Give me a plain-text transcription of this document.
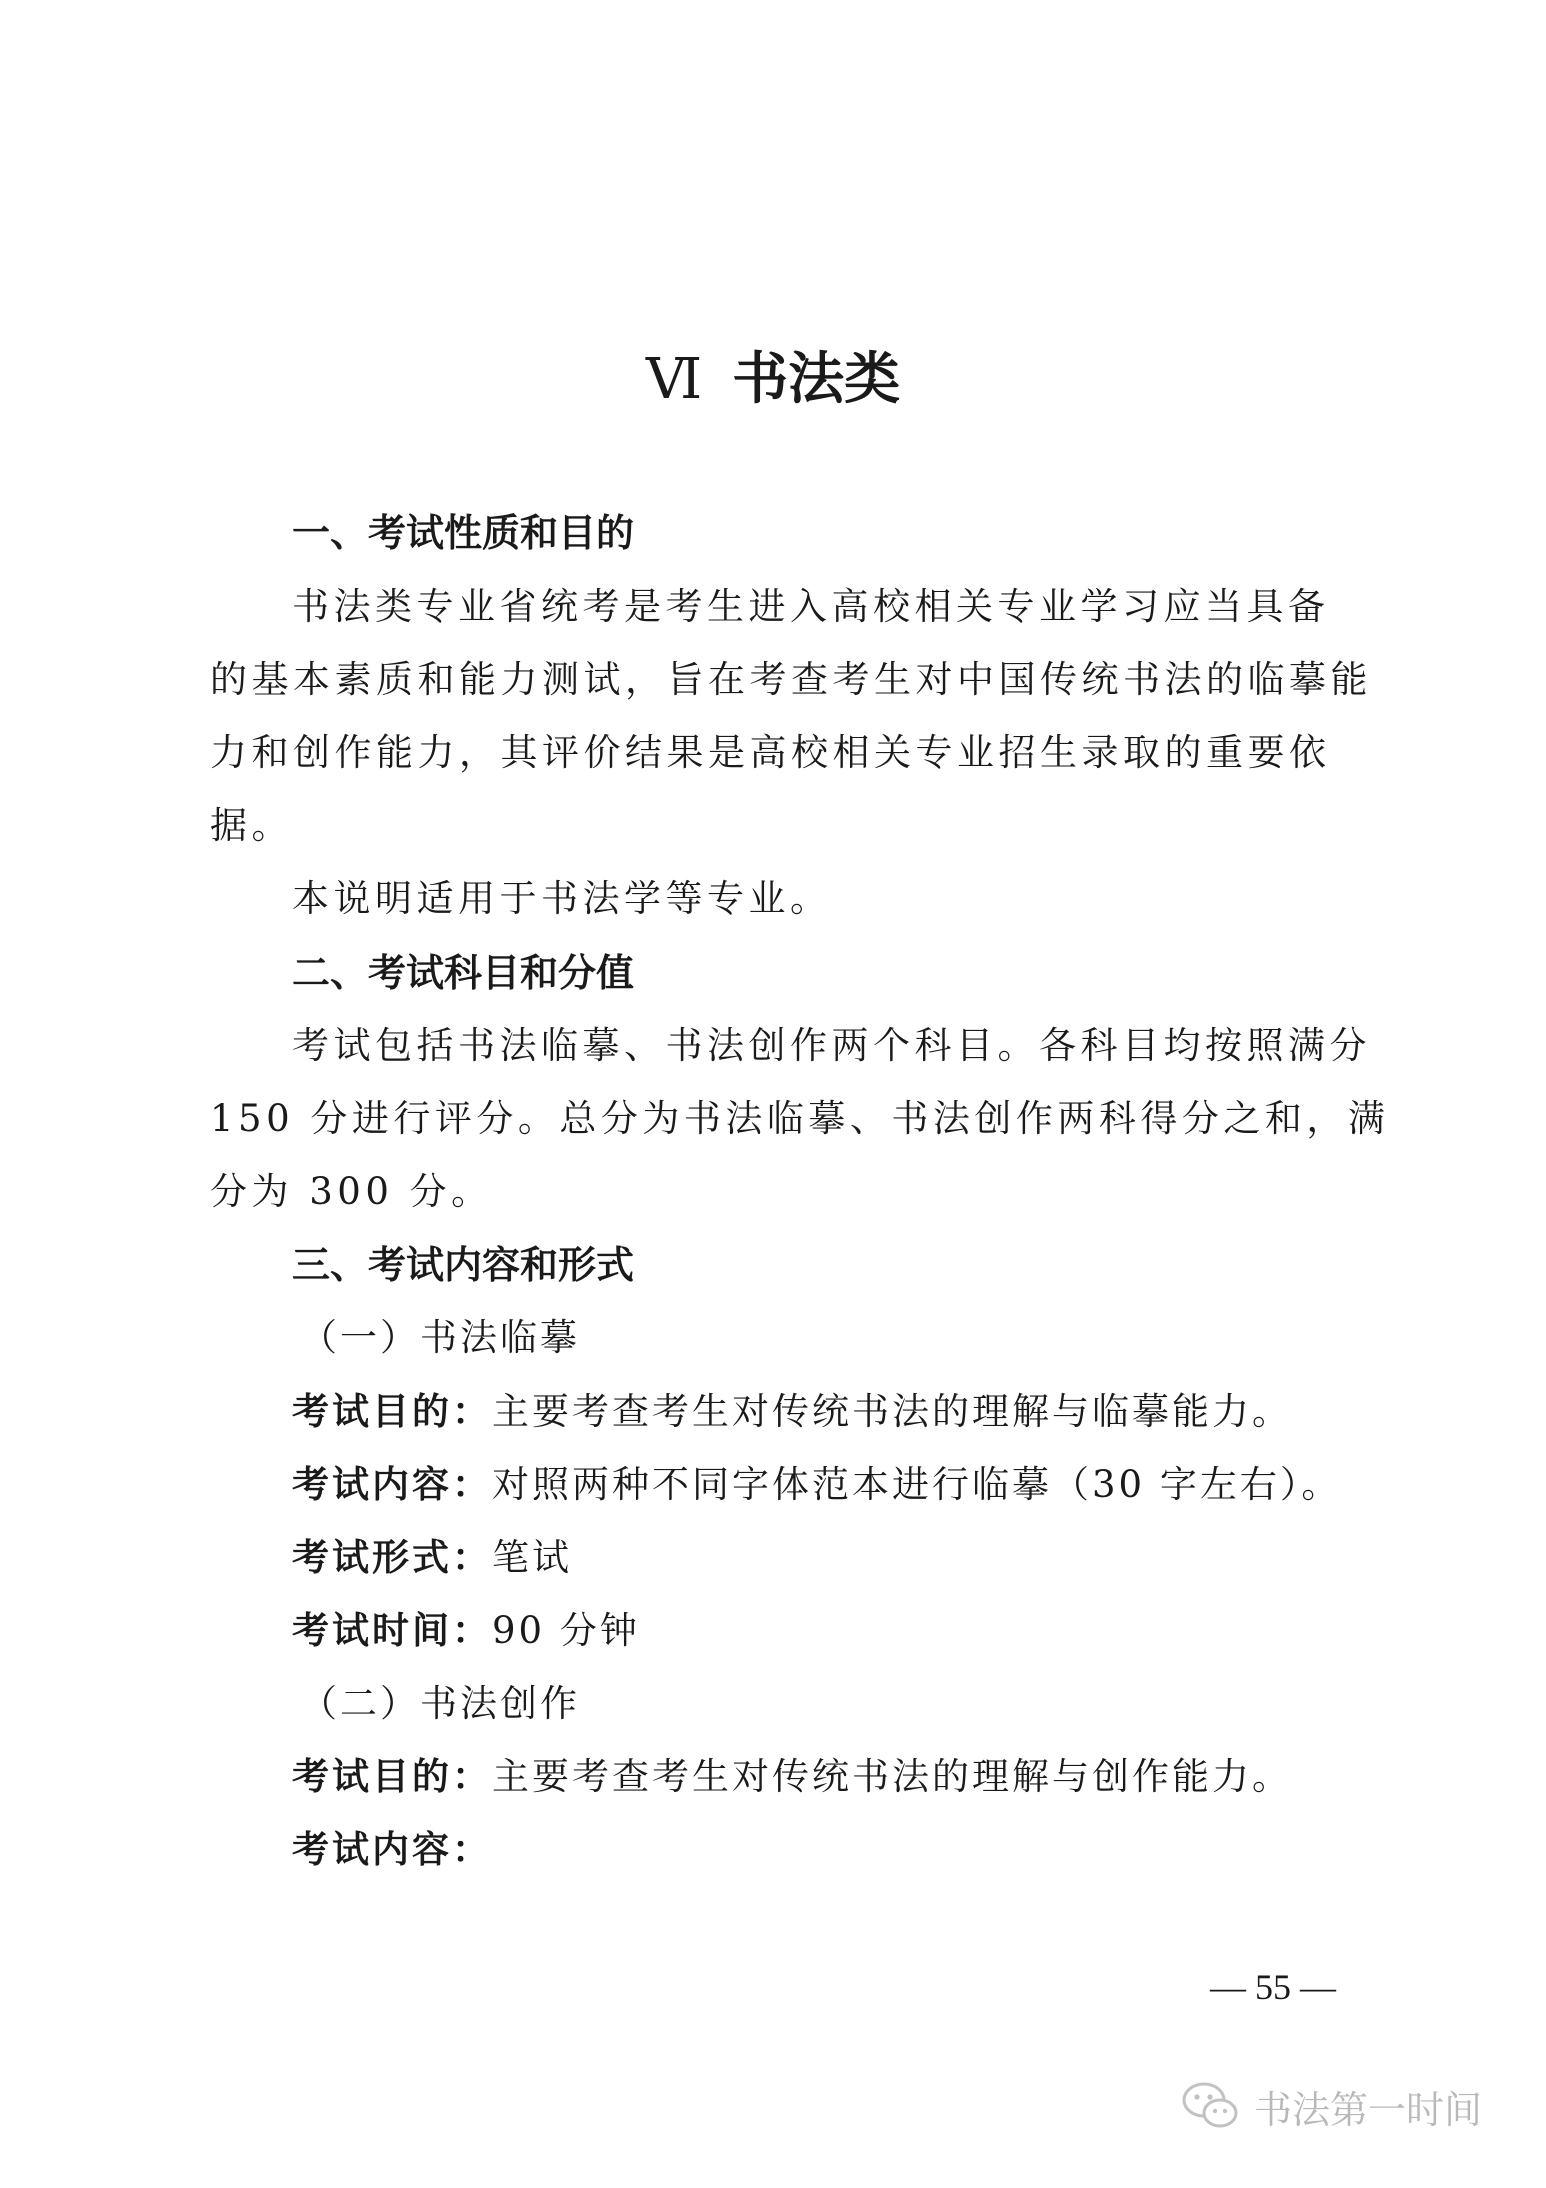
Ⅵ 书法类
一、考试性质和目的
书法类专业省统考是考生进入高校相关专业学习应当具备
的基本素质和能力测试，旨在考查考生对中国传统书法的临摹能
力和创作能力，其评价结果是高校相关专业招生录取的重要依
据。
本说明适用于书法学等专业。
二、考试科目和分值
考试包括书法临摹、书法创作两个科目。各科目均按照满分
150 分进行评分。总分为书法临摹、书法创作两科得分之和，满
分为 300 分。
三、考试内容和形式
（一）书法临摹
考试目的：主要考查考生对传统书法的理解与临摹能力。
考试内容：对照两种不同字体范本进行临摹（30 字左右）。
考试形式：笔试
考试时间：90 分钟
（二）书法创作
考试目的：主要考查考生对传统书法的理解与创作能力。
考试内容：
— 55 —
书法第一时间
